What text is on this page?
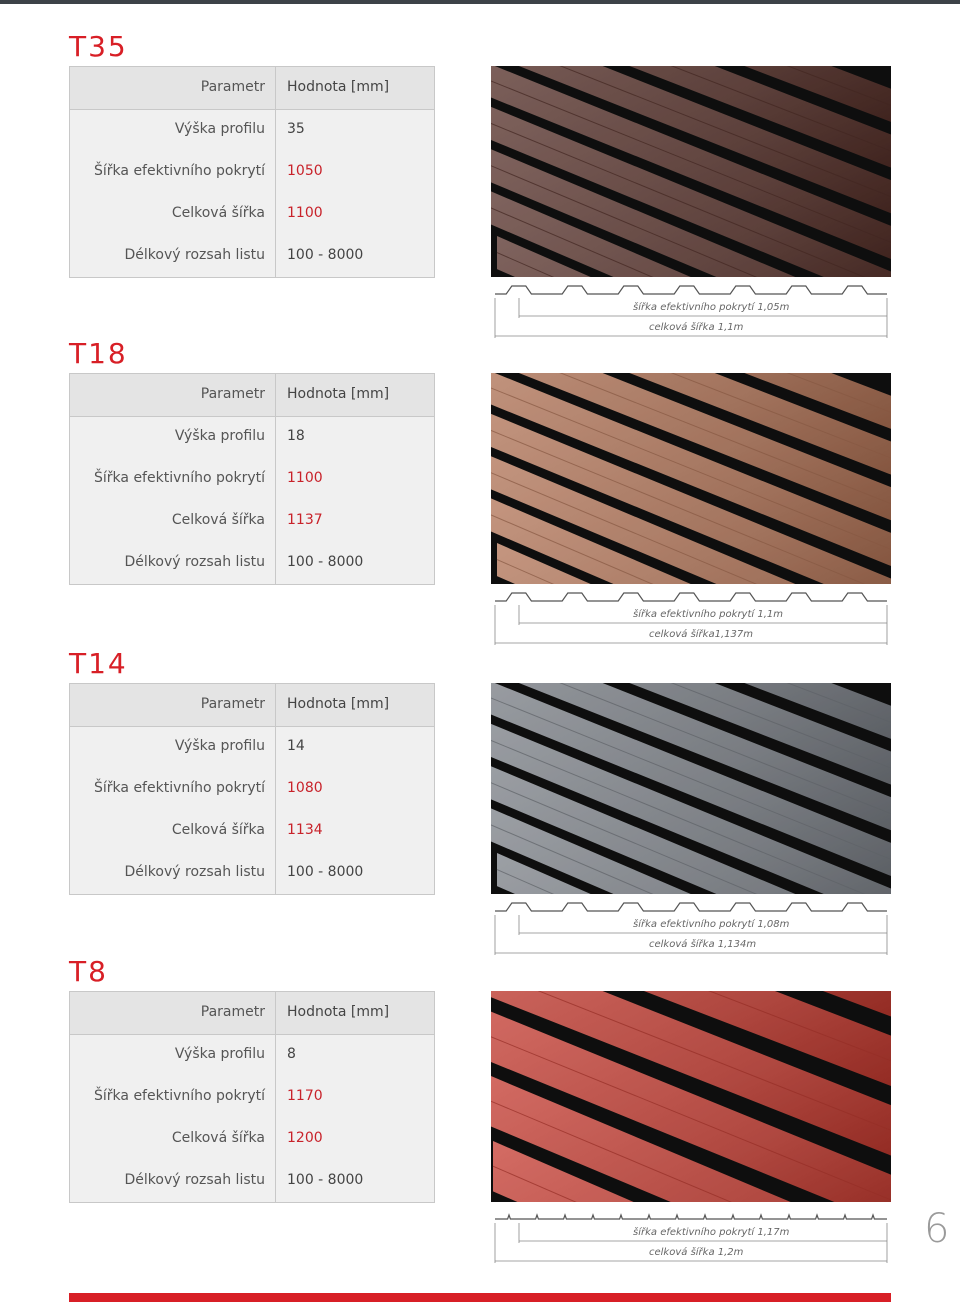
T35
Parametr Hodnota [mm]
Výška profilu 35
Šířka efektivního pokrytí 1050
Celková šířka 1100
Délkový rozsah listu 100 - 8000
šířka efektivního pokrytí 1,05m
celková šířka 1,1m
T18
Parametr Hodnota [mm]
Výška profilu 18
Šířka efektivního pokrytí 1100
Celková šířka 1137
Délkový rozsah listu 100 - 8000
šířka efektivního pokrytí 1,1m
celková šířka1,137m
T14
Parametr Hodnota [mm]
Výška profilu 14
Šířka efektivního pokrytí 1080
Celková šířka 1134
Délkový rozsah listu 100 - 8000
šířka efektivního pokrytí 1,08m
celková šířka 1,134m
T8
Parametr Hodnota [mm]
Výška profilu 8
Šířka efektivního pokrytí 1170
Celková šířka 1200
Délkový rozsah listu 100 - 8000
šířka efektivního pokrytí 1,17m
celková šířka 1,2m
6
